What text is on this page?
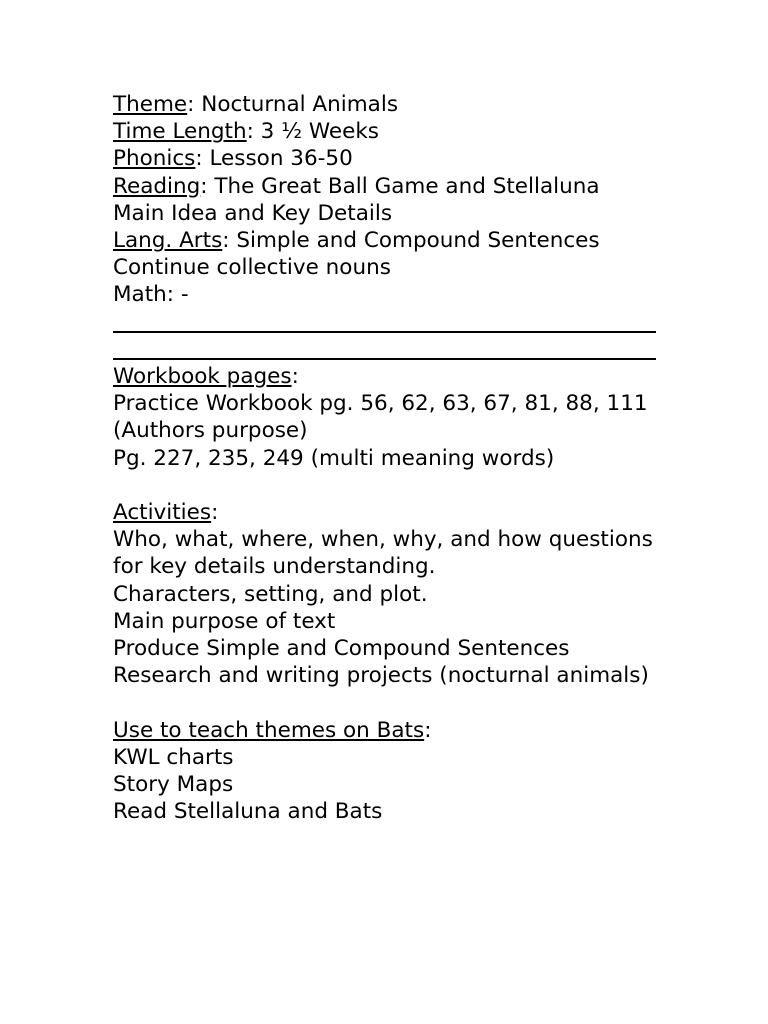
Theme: Nocturnal Animals
Time Length: 3 ½ Weeks
Phonics: Lesson 36-50
Reading: The Great Ball Game and Stellaluna
Main Idea and Key Details
Lang. Arts: Simple and Compound Sentences
Continue collective nouns
Math: -
Workbook pages:
Practice Workbook pg. 56, 62, 63, 67, 81, 88, 111 (Authors purpose)
Pg. 227, 235, 249 (multi meaning words)
Activities:
Who, what, where, when, why, and how questions for key details understanding.
Characters, setting, and plot.
Main purpose of text
Produce Simple and Compound Sentences
Research and writing projects (nocturnal animals)
Use to teach themes on Bats:
KWL charts
Story Maps
Read Stellaluna and Bats
